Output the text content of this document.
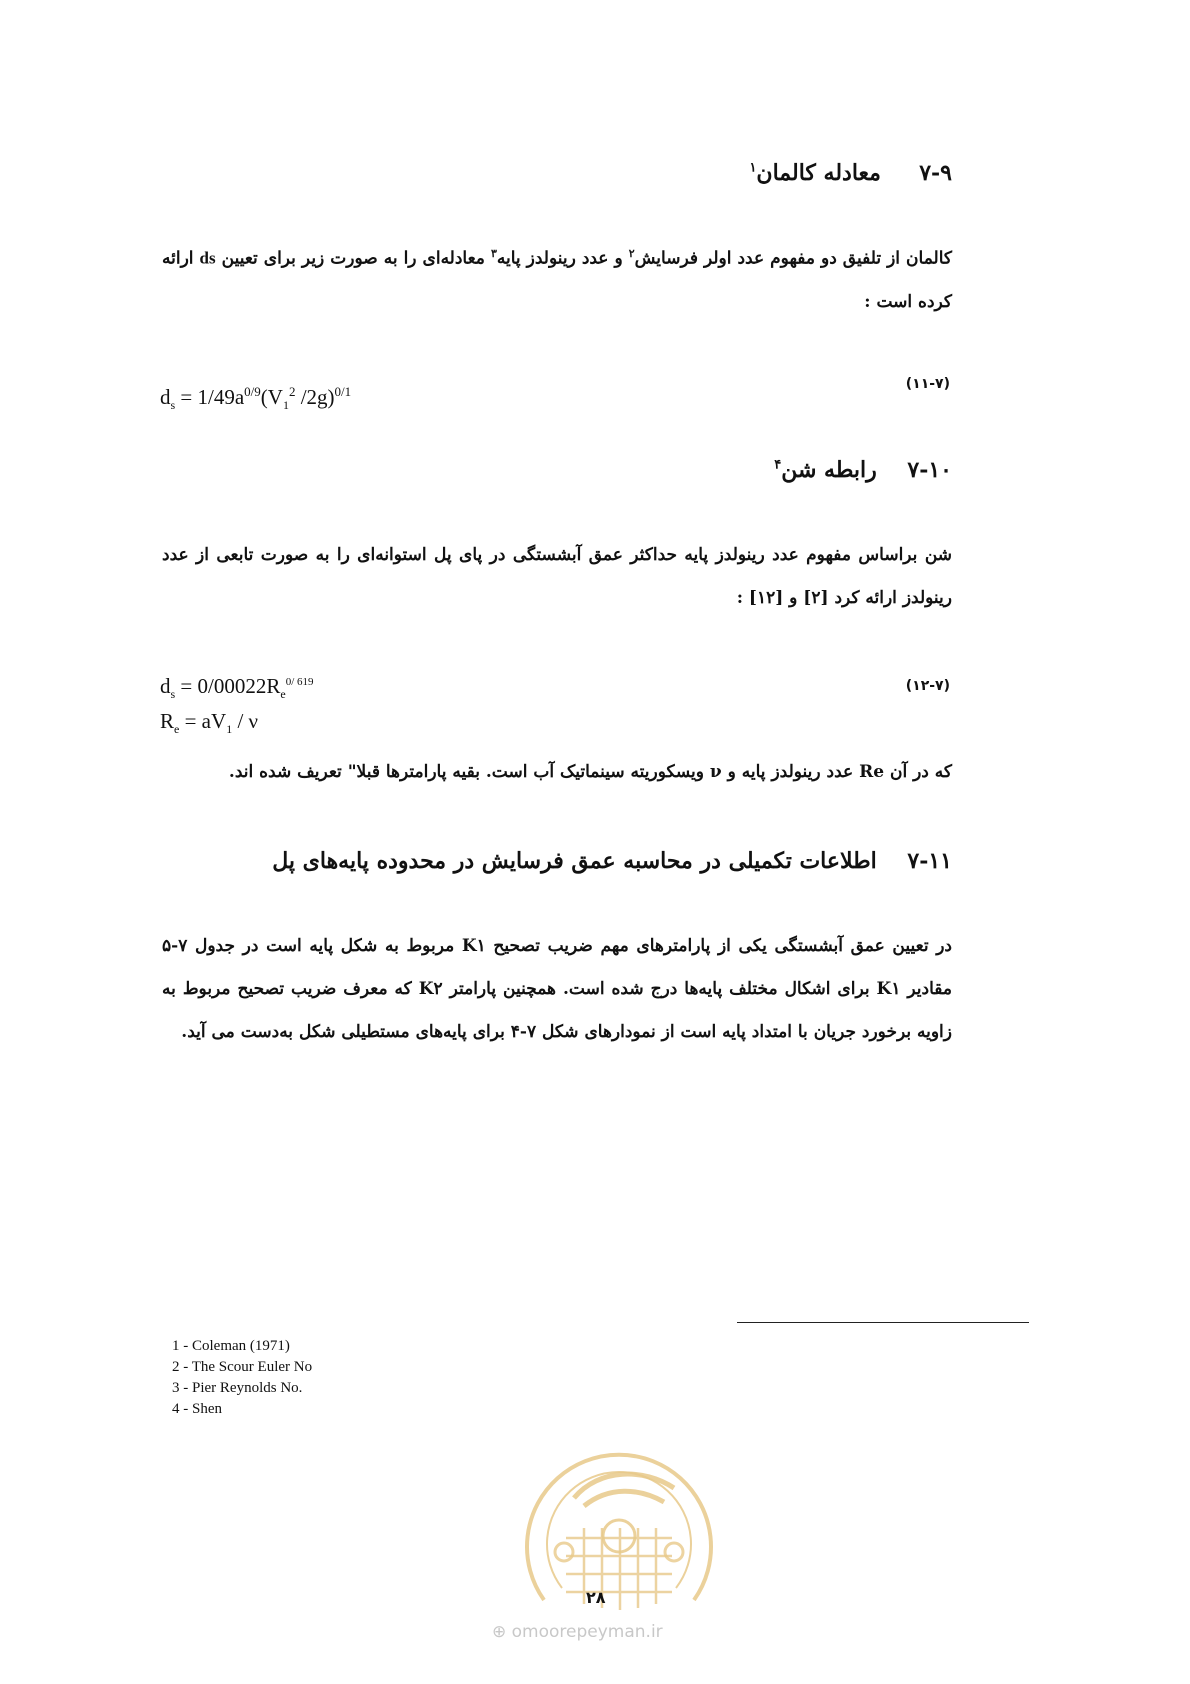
۷-۹     معادله کالمان$^۱$
کالمان از تلفیق دو مفهوم عدد اولر فرسایش$^۲$ و عدد رینولدز پایه$^۳$ معادله‌ای را به صورت زیر برای تعیین ds ارائه کرده است :
$d_s = 1/49a^{0/9}(V_1^2$ /2g)$^{0/1}$	(۱۱-۷)
۷-۱۰    رابطه شن$^۴$
شن براساس مفهوم عدد رینولدز پایه حداکثر عمق آبشستگی در پای پل استوانه‌ای را به صورت تابعی از عدد رینولدز ارائه کرد [۲] و [۱۲] :
$d_s = 0/00022R_e^{0/ 619}$	(۱۲-۷)
$R_e = aV_1 / \nu$
که در آن Re عدد رینولدز پایه و ν ویسکوریته سینماتیک آب است. بقیه پارامترها قبلا" تعریف شده اند.
۷-۱۱    اطلاعات تکمیلی در محاسبه عمق فرسایش در محدوده پایه‌های پل
در تعیین عمق آبشستگی یکی از پارامترهای مهم ضریب تصحیح K۱ مربوط به شکل پایه است در جدول ۷-۵ مقادیر K۱ برای اشکال مختلف پایه‌ها درج شده است. همچنین پارامتر K۲ که معرف ضریب تصحیح مربوط به زاویه برخورد جریان با امتداد پایه است از نمودارهای شکل ۷-۴ برای پایه‌های مستطیلی شکل به‌دست می آید.
1 - Coleman (1971)
2 - The Scour Euler No
3 - Pier Reynolds No.
4 - Shen
۲۸
⊕ omoorepeyman.ir
